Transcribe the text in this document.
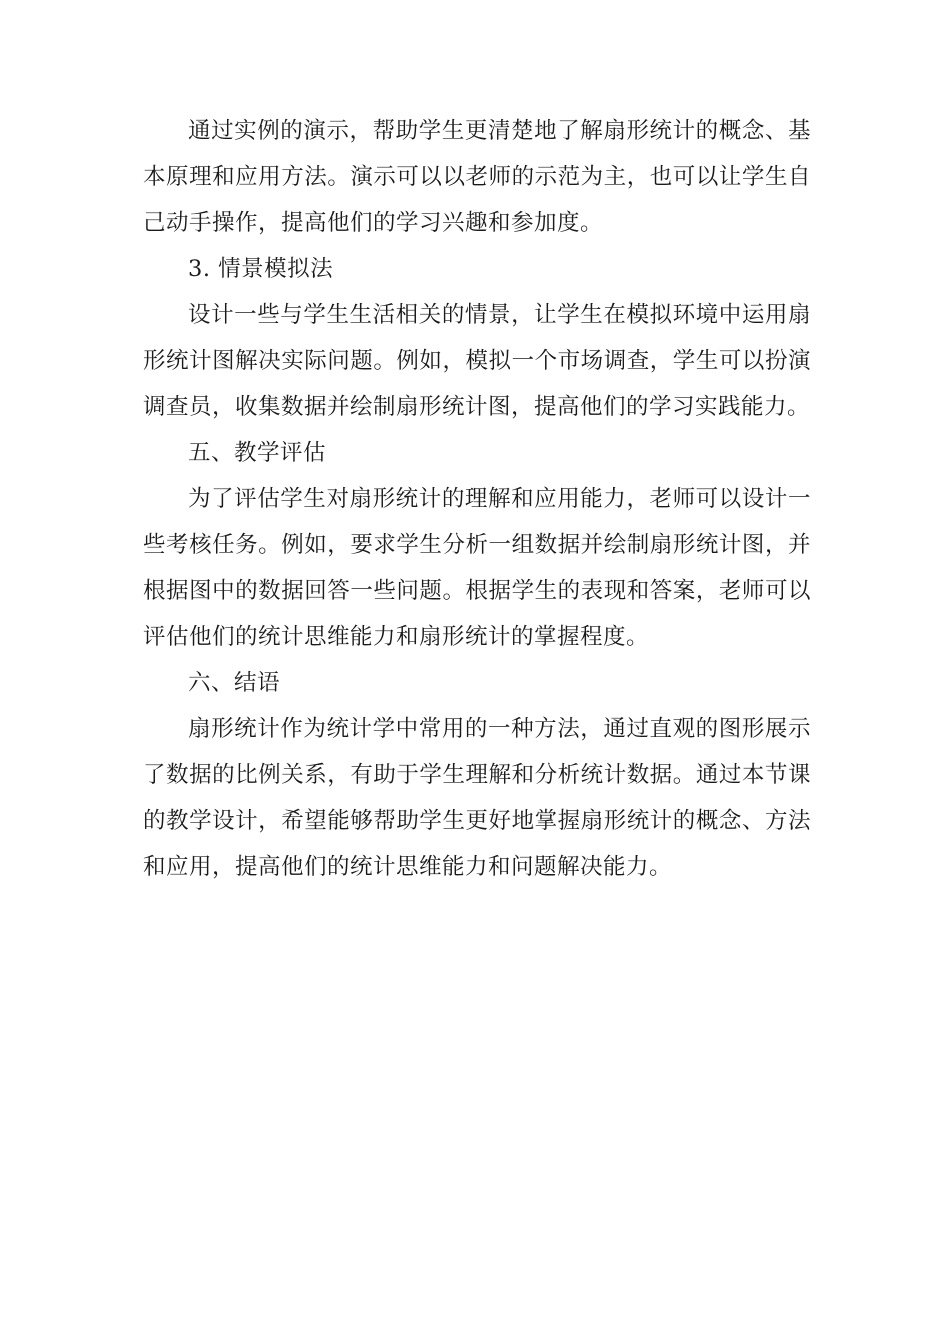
通过实例的演示，帮助学生更清楚地了解扇形统计的概念、基本原理和应用方法。演示可以以老师的示范为主，也可以让学生自己动手操作，提高他们的学习兴趣和参加度。

3. 情景模拟法

设计一些与学生生活相关的情景，让学生在模拟环境中运用扇形统计图解决实际问题。例如，模拟一个市场调查，学生可以扮演调查员，收集数据并绘制扇形统计图，提高他们的学习实践能力。

五、教学评估

为了评估学生对扇形统计的理解和应用能力，老师可以设计一些考核任务。例如，要求学生分析一组数据并绘制扇形统计图，并根据图中的数据回答一些问题。根据学生的表现和答案，老师可以评估他们的统计思维能力和扇形统计的掌握程度。

六、结语

扇形统计作为统计学中常用的一种方法，通过直观的图形展示了数据的比例关系，有助于学生理解和分析统计数据。通过本节课的教学设计，希望能够帮助学生更好地掌握扇形统计的概念、方法和应用，提高他们的统计思维能力和问题解决能力。
